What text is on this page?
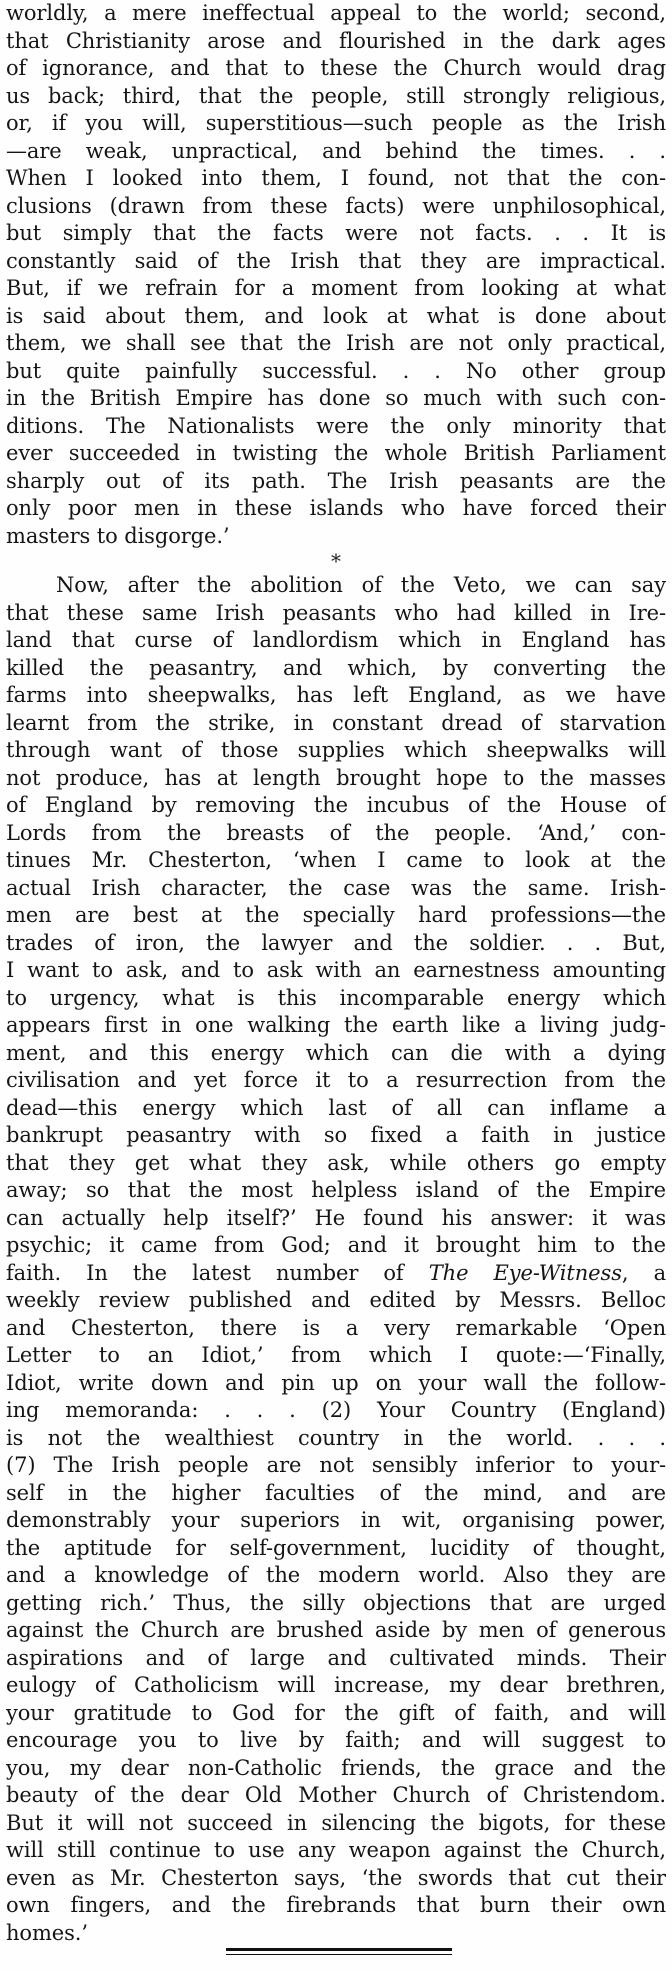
worldly, a mere ineffectual appeal to the world; second,
that Christianity arose and flourished in the dark ages
of ignorance, and that to these the Church would drag
us back; third, that the people, still strongly religious,
or, if you will, superstitious—such people as the Irish
—are weak, unpractical, and behind the times. . .
When I looked into them, I found, not that the con-
clusions (drawn from these facts) were unphilosophical,
but simply that the facts were not facts. . . It is
constantly said of the Irish that they are impractical.
But, if we refrain for a moment from looking at what
is said about them, and look at what is done about
them, we shall see that the Irish are not only practical,
but quite painfully successful. . . No other group
in the British Empire has done so much with such con-
ditions. The Nationalists were the only minority that
ever succeeded in twisting the whole British Parliament
sharply out of its path. The Irish peasants are the
only poor men in these islands who have forced their
masters to disgorge.’
*
Now, after the abolition of the Veto, we can say
that these same Irish peasants who had killed in Ire-
land that curse of landlordism which in England has
killed the peasantry, and which, by converting the
farms into sheepwalks, has left England, as we have
learnt from the strike, in constant dread of starvation
through want of those supplies which sheepwalks will
not produce, has at length brought hope to the masses
of England by removing the incubus of the House of
Lords from the breasts of the people. ‘And,’ con-
tinues Mr. Chesterton, ‘when I came to look at the
actual Irish character, the case was the same. Irish-
men are best at the specially hard professions—the
trades of iron, the lawyer and the soldier. . . But,
I want to ask, and to ask with an earnestness amounting
to urgency, what is this incomparable energy which
appears first in one walking the earth like a living judg-
ment, and this energy which can die with a dying
civilisation and yet force it to a resurrection from the
dead—this energy which last of all can inflame a
bankrupt peasantry with so fixed a faith in justice
that they get what they ask, while others go empty
away; so that the most helpless island of the Empire
can actually help itself?’ He found his answer: it was
psychic; it came from God; and it brought him to the
faith. In the latest number of The Eye-Witness, a
weekly review published and edited by Messrs. Belloc
and Chesterton, there is a very remarkable ‘Open
Letter to an Idiot,’ from which I quote:—‘Finally,
Idiot, write down and pin up on your wall the follow-
ing memoranda: . . . (2) Your Country (England)
is not the wealthiest country in the world. . . .
(7) The Irish people are not sensibly inferior to your-
self in the higher faculties of the mind, and are
demonstrably your superiors in wit, organising power,
the aptitude for self-government, lucidity of thought,
and a knowledge of the modern world. Also they are
getting rich.’ Thus, the silly objections that are urged
against the Church are brushed aside by men of generous
aspirations and of large and cultivated minds. Their
eulogy of Catholicism will increase, my dear brethren,
your gratitude to God for the gift of faith, and will
encourage you to live by faith; and will suggest to
you, my dear non-Catholic friends, the grace and the
beauty of the dear Old Mother Church of Christendom.
But it will not succeed in silencing the bigots, for these
will still continue to use any weapon against the Church,
even as Mr. Chesterton says, ‘the swords that cut their
own fingers, and the firebrands that burn their own
homes.’
